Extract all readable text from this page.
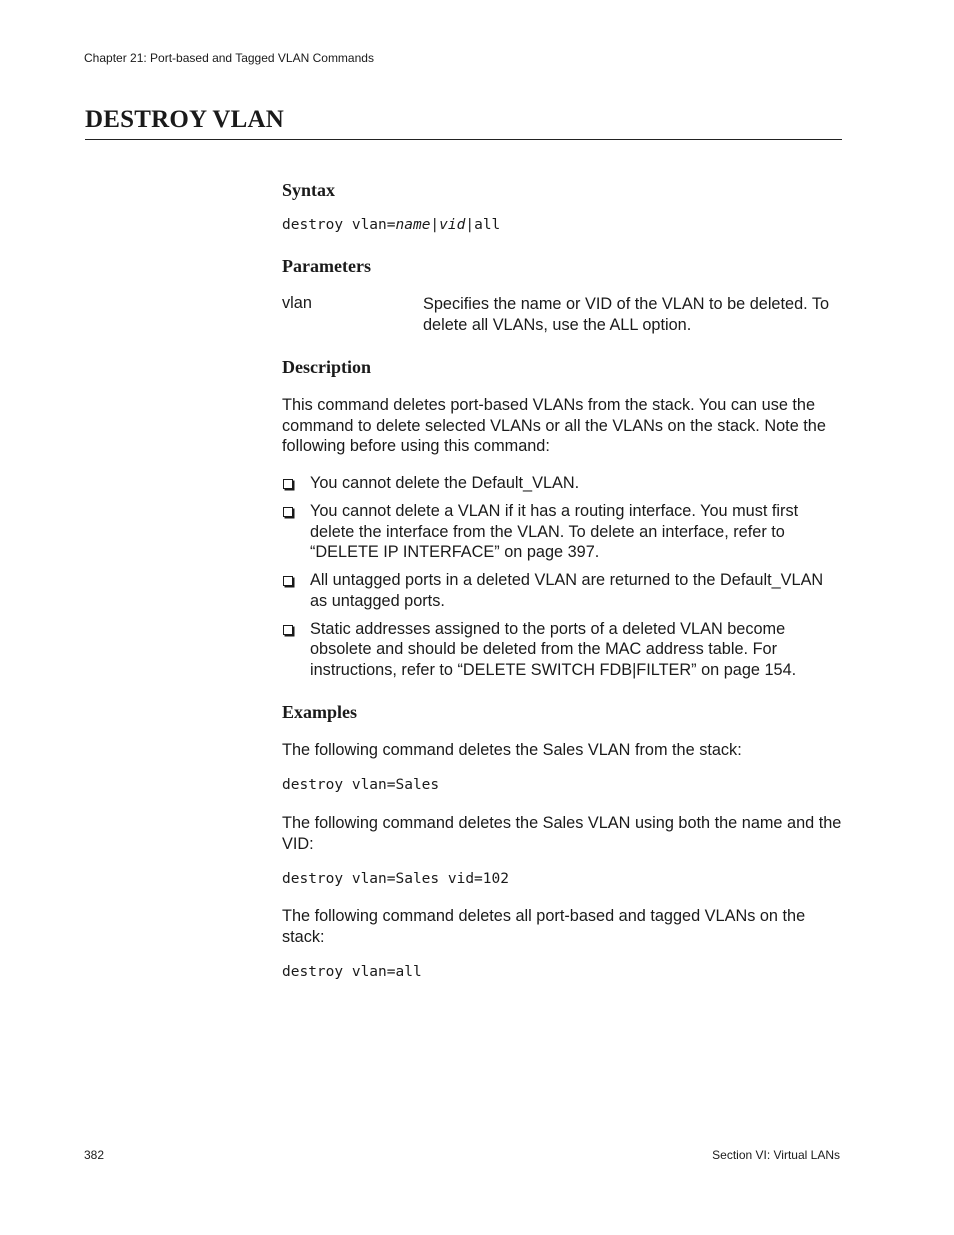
Chapter 21: Port-based and Tagged VLAN Commands
DESTROY VLAN
Syntax
destroy vlan=name|vid|all
Parameters
vlan	Specifies the name or VID of the VLAN to be deleted. To delete all VLANs, use the ALL option.
Description

This command deletes port-based VLANs from the stack. You can use the command to delete selected VLANs or all the VLANs on the stack. Note the following before using this command:

You cannot delete the Default_VLAN.
You cannot delete a VLAN if it has a routing interface. You must first delete the interface from the VLAN. To delete an interface, refer to “DELETE IP INTERFACE” on page 397.
All untagged ports in a deleted VLAN are returned to the Default_VLAN as untagged ports.
Static addresses assigned to the ports of a deleted VLAN become obsolete and should be deleted from the MAC address table. For instructions, refer to “DELETE SWITCH FDB|FILTER” on page 154.
Examples

The following command deletes the Sales VLAN from the stack:

destroy vlan=Sales

The following command deletes the Sales VLAN using both the name and the VID:

destroy vlan=Sales vid=102

The following command deletes all port-based and tagged VLANs on the stack:

destroy vlan=all
382	Section VI: Virtual LANs
